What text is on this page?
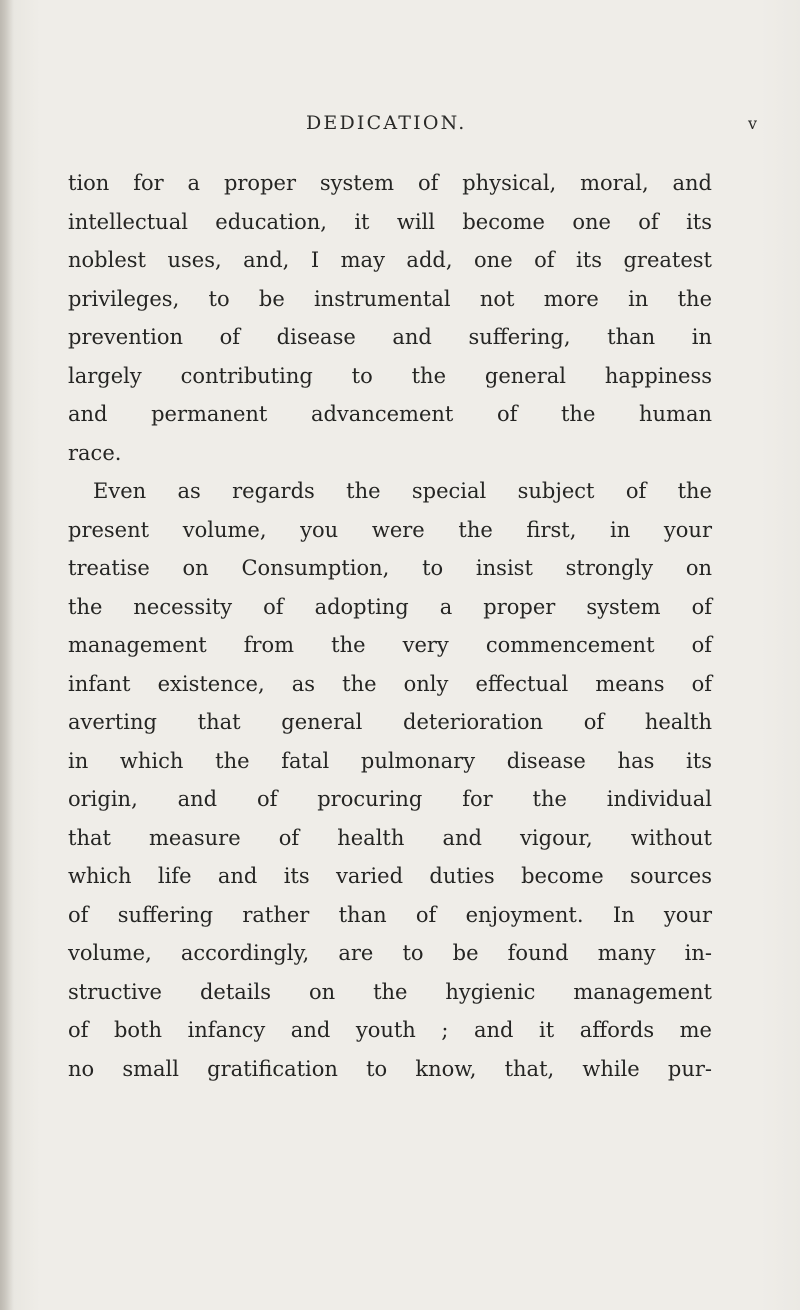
DEDICATION.	v
tion for a proper system of physical, moral, and
intellectual education, it will become one of its
noblest uses, and, I may add, one of its greatest
privileges, to be instrumental not more in the
prevention of disease and suffering, than in
largely contributing to the general happiness
and permanent advancement of the human
race.
Even as regards the special subject of the
present volume, you were the first, in your
treatise on Consumption, to insist strongly on
the necessity of adopting a proper system of
management from the very commencement of
infant existence, as the only effectual means of
averting that general deterioration of health
in which the fatal pulmonary disease has its
origin, and of procuring for the individual
that measure of health and vigour, without
which life and its varied duties become sources
of suffering rather than of enjoyment. In your
volume, accordingly, are to be found many in-
structive details on the hygienic management
of both infancy and youth ; and it affords me
no small gratification to know, that, while pur-
